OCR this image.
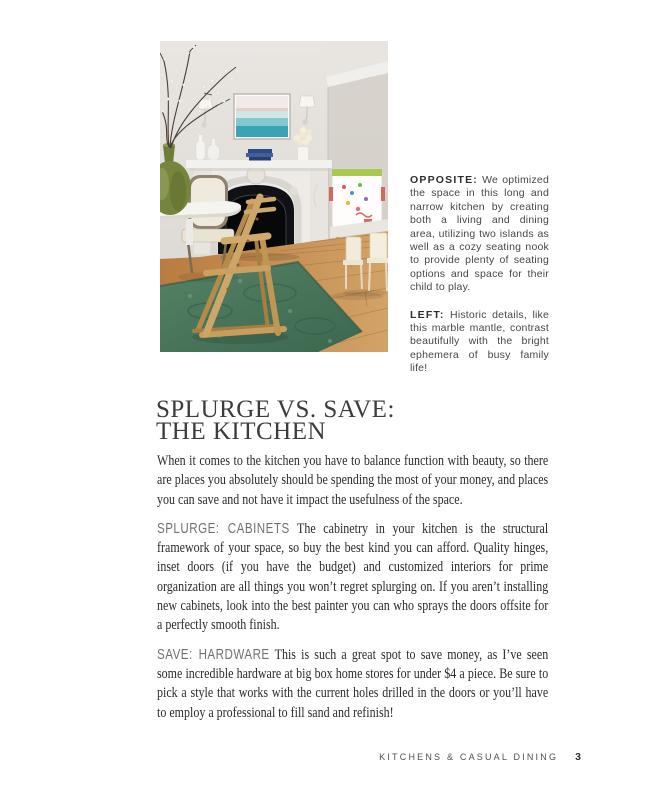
OPPOSITE: We optimized the space in this long and narrow kitchen by creating both a living and dining area, utilizing two islands as well as a cozy seating nook to provide plenty of seating options and space for their child to play.

LEFT: Historic details, like this marble mantle, contrast beautifully with the bright ephemera of busy family life!

SPLURGE VS. SAVE:
THE KITCHEN

When it comes to the kitchen you have to balance function with beauty, so there are places you absolutely should be spending the most of your money, and places you can save and not have it impact the usefulness of the space.

SPLURGE: CABINETS The cabinetry in your kitchen is the structural framework of your space, so buy the best kind you can afford. Quality hinges, inset doors (if you have the budget) and customized interiors for prime organization are all things you won’t regret splurging on. If you aren’t installing new cabinets, look into the best painter you can who sprays the doors offsite for a perfectly smooth finish.

SAVE: HARDWARE This is such a great spot to save money, as I’ve seen some incredible hardware at big box home stores for under $4 a piece. Be sure to pick a style that works with the current holes drilled in the doors or you’ll have to employ a professional to fill sand and refinish!

KITCHENS & CASUAL DINING 3
